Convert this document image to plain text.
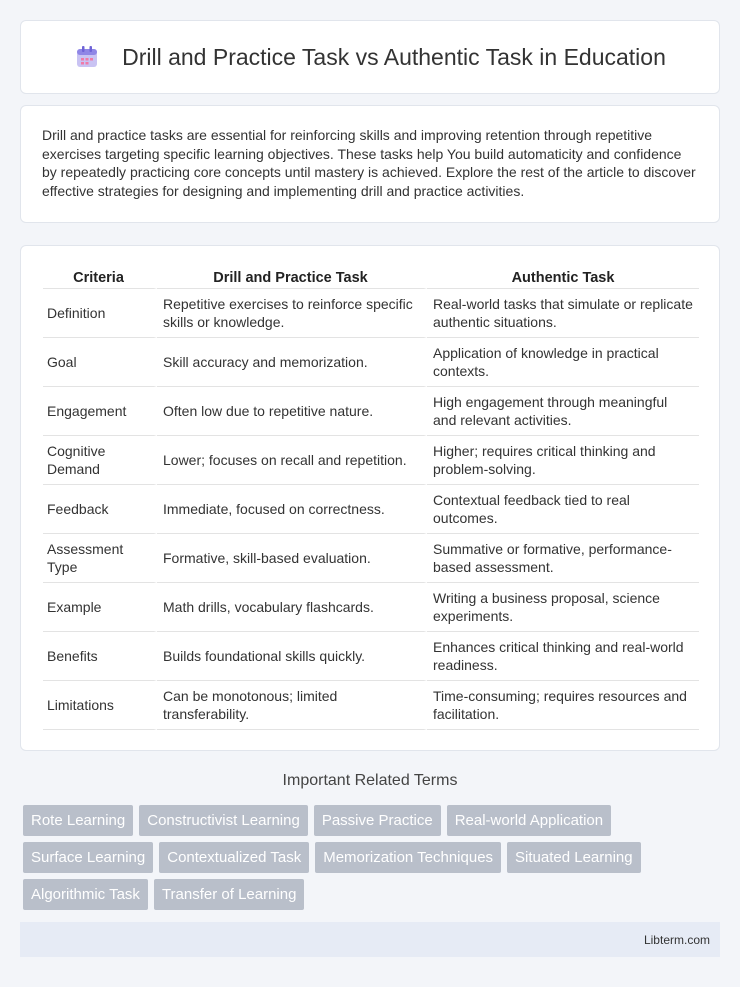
Drill and Practice Task vs Authentic Task in Education

Drill and practice tasks are essential for reinforcing skills and improving retention through repetitive exercises targeting specific learning objectives. These tasks help You build automaticity and confidence by repeatedly practicing core concepts until mastery is achieved. Explore the rest of the article to discover effective strategies for designing and implementing drill and practice activities.

Criteria	Drill and Practice Task	Authentic Task
Definition	Repetitive exercises to reinforce specific skills or knowledge.	Real-world tasks that simulate or replicate authentic situations.
Goal	Skill accuracy and memorization.	Application of knowledge in practical contexts.
Engagement	Often low due to repetitive nature.	High engagement through meaningful and relevant activities.
Cognitive Demand	Lower; focuses on recall and repetition.	Higher; requires critical thinking and problem-solving.
Feedback	Immediate, focused on correctness.	Contextual feedback tied to real outcomes.
Assessment Type	Formative, skill-based evaluation.	Summative or formative, performance-based assessment.
Example	Math drills, vocabulary flashcards.	Writing a business proposal, science experiments.
Benefits	Builds foundational skills quickly.	Enhances critical thinking and real-world readiness.
Limitations	Can be monotonous; limited transferability.	Time-consuming; requires resources and facilitation.
Important Related Terms
Rote Learning	Constructivist Learning	Passive Practice	Real-world Application
Surface Learning	Contextualized Task	Memorization Techniques	Situated Learning
Algorithmic Task	Transfer of Learning
Libterm.com
